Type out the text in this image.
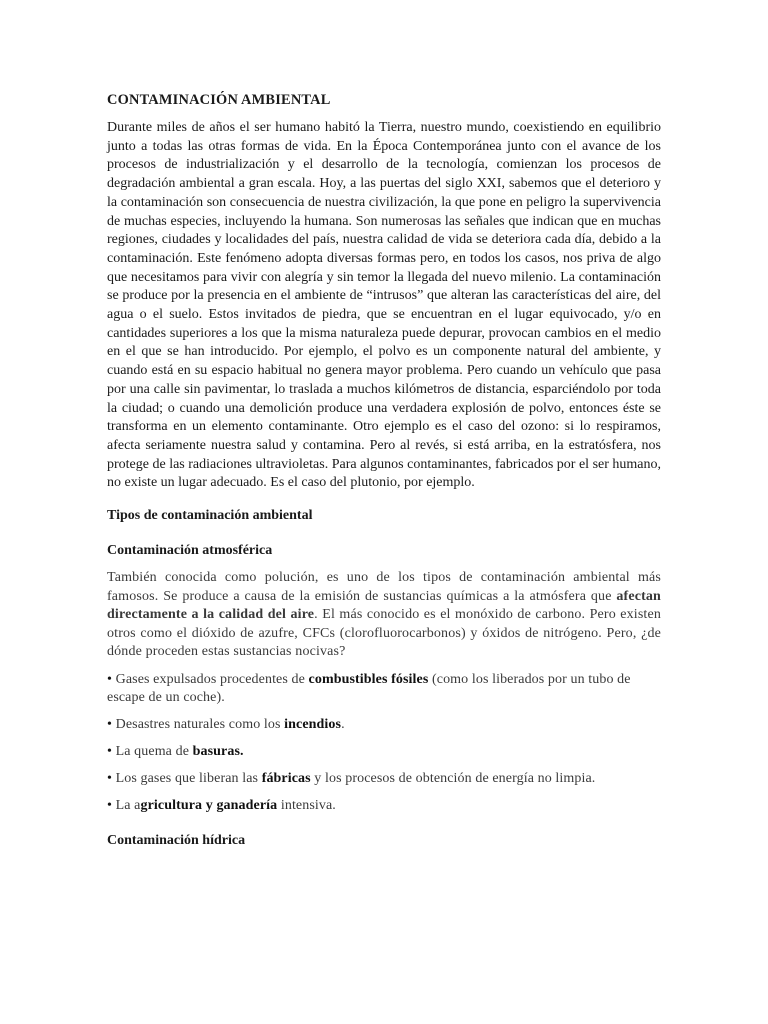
CONTAMINACIÓN AMBIENTAL

Durante miles de años el ser humano habitó la Tierra, nuestro mundo, coexistiendo en equilibrio junto a todas las otras formas de vida. En la Época Contemporánea junto con el avance de los procesos de industrialización y el desarrollo de la tecnología, comienzan los procesos de degradación ambiental a gran escala. Hoy, a las puertas del siglo XXI, sabemos que el deterioro y la contaminación son consecuencia de nuestra civilización, la que pone en peligro la supervivencia de muchas especies, incluyendo la humana. Son numerosas las señales que indican que en muchas regiones, ciudades y localidades del país, nuestra calidad de vida se deteriora cada día, debido a la contaminación. Este fenómeno adopta diversas formas pero, en todos los casos, nos priva de algo que necesitamos para vivir con alegría y sin temor la llegada del nuevo milenio. La contaminación se produce por la presencia en el ambiente de “intrusos” que alteran las características del aire, del agua o el suelo. Estos invitados de piedra, que se encuentran en el lugar equivocado, y/o en cantidades superiores a los que la misma naturaleza puede depurar, provocan cambios en el medio en el que se han introducido. Por ejemplo, el polvo es un componente natural del ambiente, y cuando está en su espacio habitual no genera mayor problema. Pero cuando un vehículo que pasa por una calle sin pavimentar, lo traslada a muchos kilómetros de distancia, esparciéndolo por toda la ciudad; o cuando una demolición produce una verdadera explosión de polvo, entonces éste se transforma en un elemento contaminante. Otro ejemplo es el caso del ozono: si lo respiramos, afecta seriamente nuestra salud y contamina. Pero al revés, si está arriba, en la estratósfera, nos protege de las radiaciones ultravioletas. Para algunos contaminantes, fabricados por el ser humano, no existe un lugar adecuado. Es el caso del plutonio, por ejemplo.

Tipos de contaminación ambiental
Contaminación atmosférica

También conocida como polución, es uno de los tipos de contaminación ambiental más famosos. Se produce a causa de la emisión de sustancias químicas a la atmósfera que afectan directamente a la calidad del aire. El más conocido es el monóxido de carbono. Pero existen otros como el dióxido de azufre, CFCs (clorofluorocarbonos) y óxidos de nitrógeno. Pero, ¿de dónde proceden estas sustancias nocivas?

• Gases expulsados procedentes de combustibles fósiles (como los liberados por un tubo de escape de un coche).
• Desastres naturales como los incendios.
• La quema de basuras.
• Los gases que liberan las fábricas y los procesos de obtención de energía no limpia.
• La agricultura y ganadería intensiva.
Contaminación hídrica
